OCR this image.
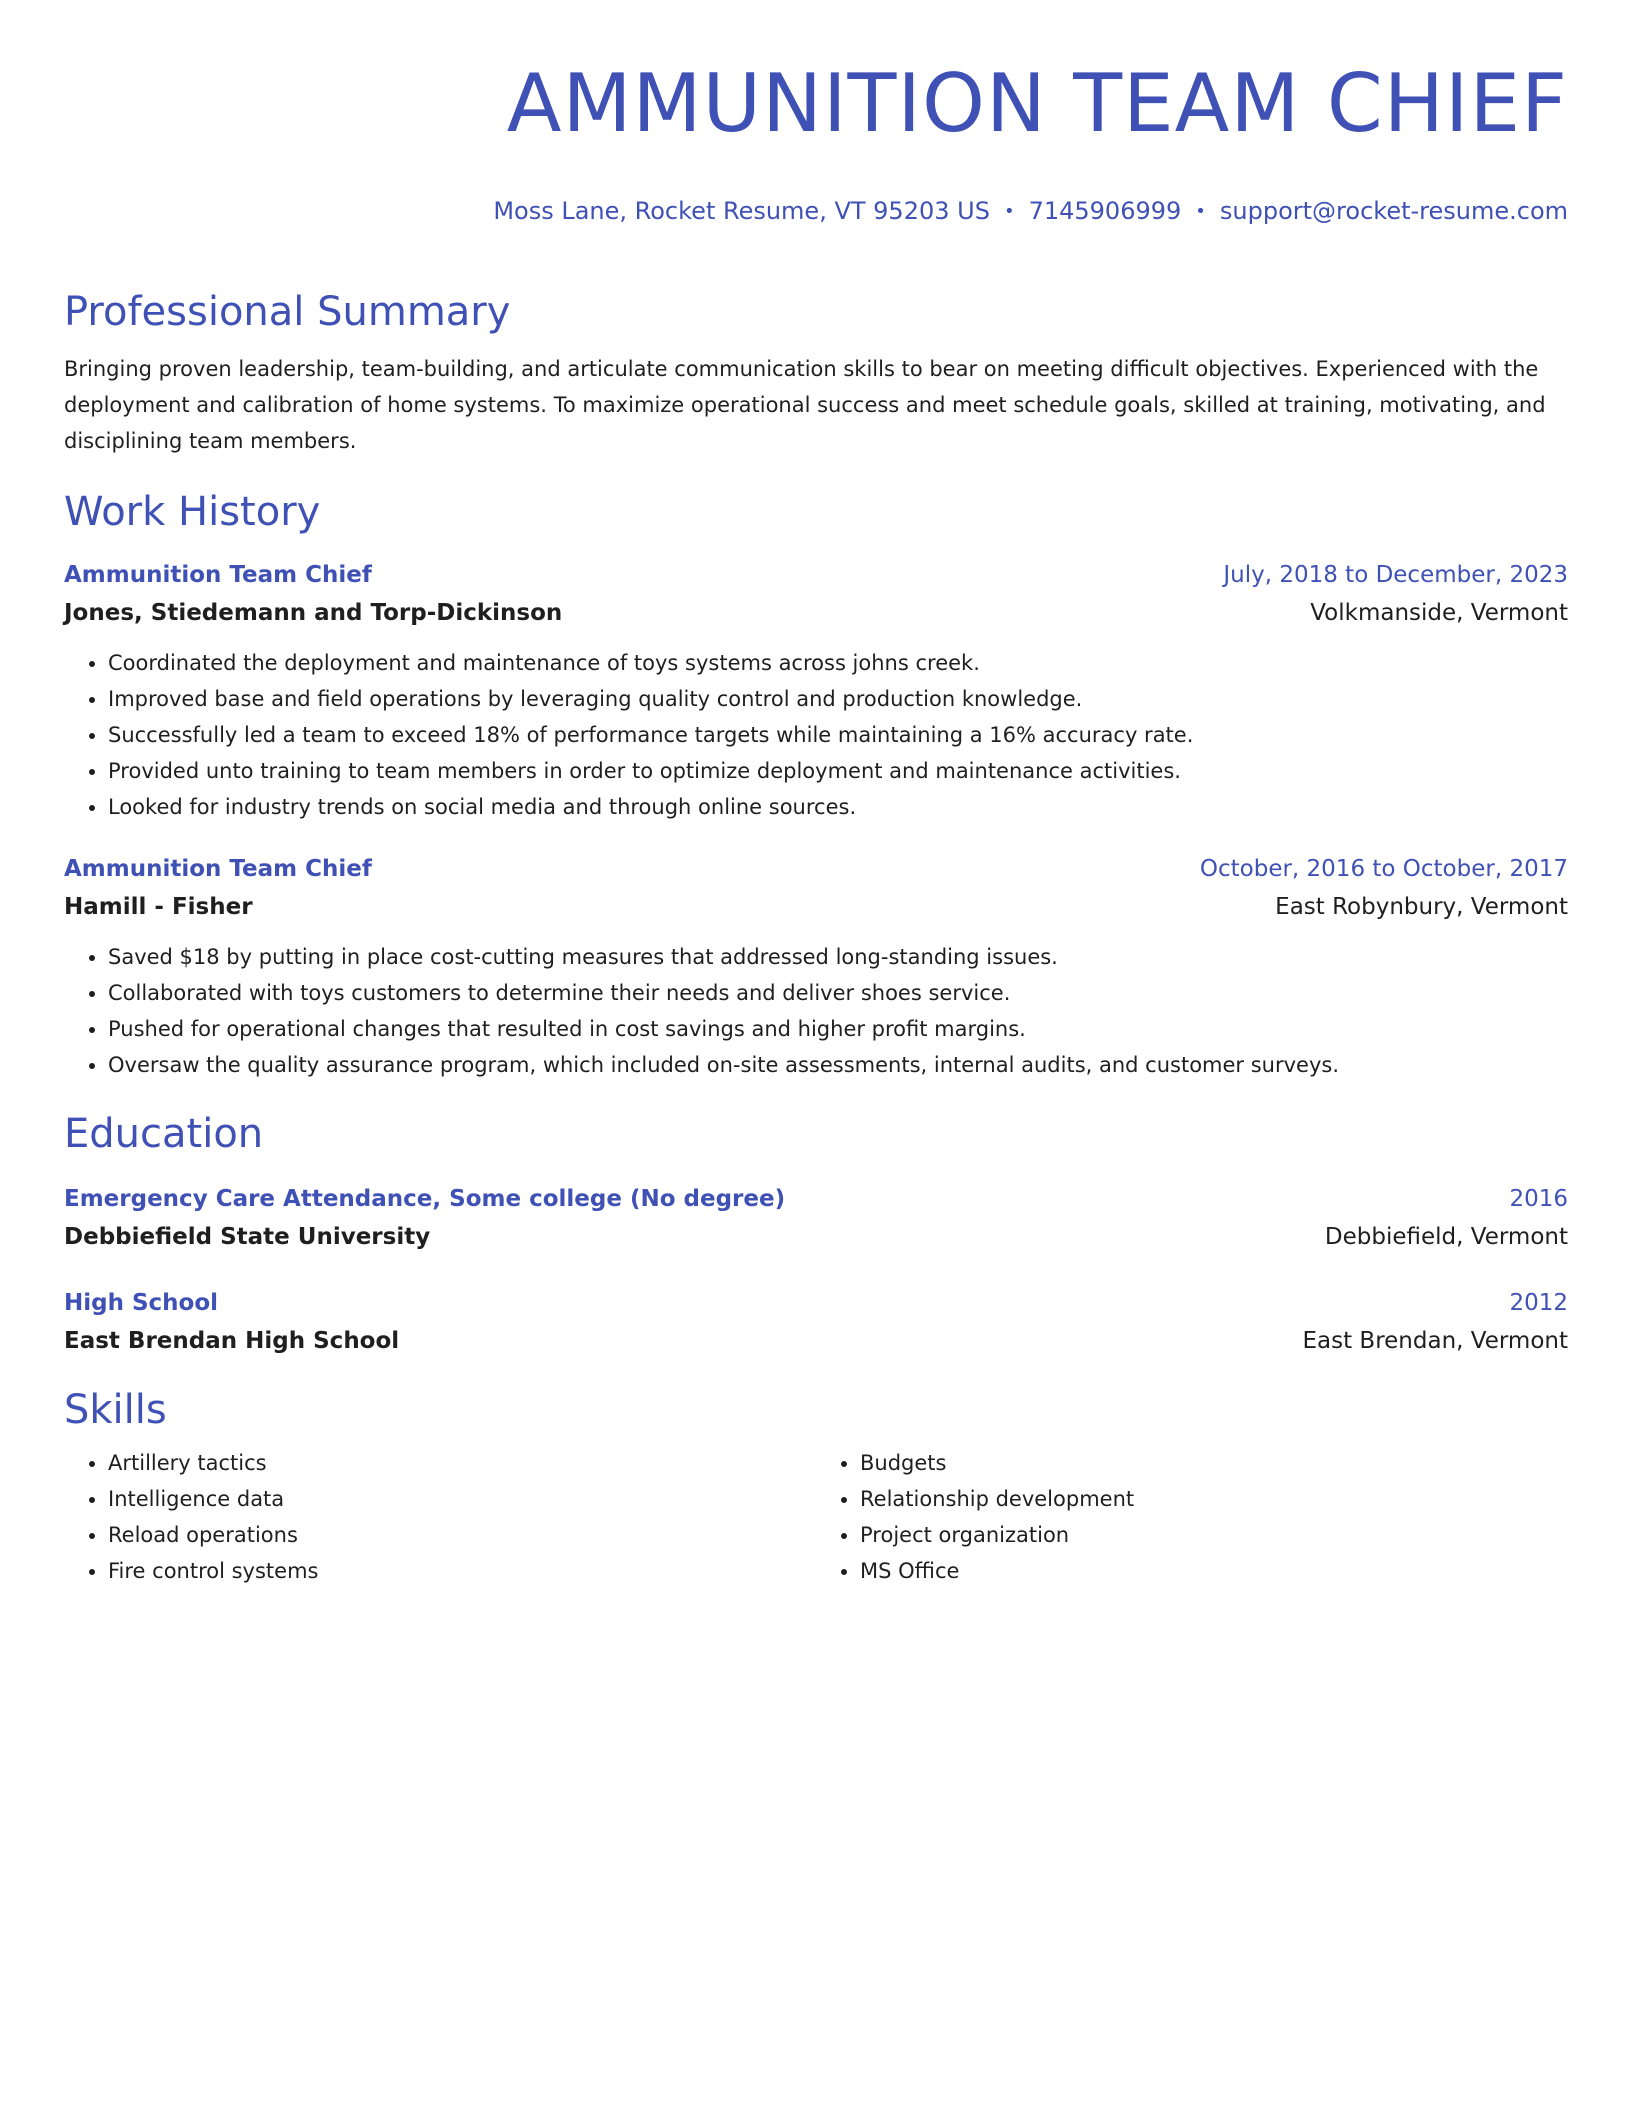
AMMUNITION TEAM CHIEF
Moss Lane, Rocket Resume, VT 95203 US • 7145906999 • support@rocket-resume.com
Professional Summary
Bringing proven leadership, team-building, and articulate communication skills to bear on meeting difficult objectives. Experienced with the deployment and calibration of home systems. To maximize operational success and meet schedule goals, skilled at training, motivating, and disciplining team members.
Work History
Ammunition Team Chief	July, 2018 to December, 2023
Jones, Stiedemann and Torp-Dickinson	Volkmanside, Vermont
• Coordinated the deployment and maintenance of toys systems across johns creek.
• Improved base and field operations by leveraging quality control and production knowledge.
• Successfully led a team to exceed 18% of performance targets while maintaining a 16% accuracy rate.
• Provided unto training to team members in order to optimize deployment and maintenance activities.
• Looked for industry trends on social media and through online sources.
Ammunition Team Chief	October, 2016 to October, 2017
Hamill - Fisher	East Robynbury, Vermont
• Saved $18 by putting in place cost-cutting measures that addressed long-standing issues.
• Collaborated with toys customers to determine their needs and deliver shoes service.
• Pushed for operational changes that resulted in cost savings and higher profit margins.
• Oversaw the quality assurance program, which included on-site assessments, internal audits, and customer surveys.
Education
Emergency Care Attendance, Some college (No degree)	2016
Debbiefield State University	Debbiefield, Vermont
High School	2012
East Brendan High School	East Brendan, Vermont
Skills
• Artillery tactics
• Intelligence data
• Reload operations
• Fire control systems
• Budgets
• Relationship development
• Project organization
• MS Office
